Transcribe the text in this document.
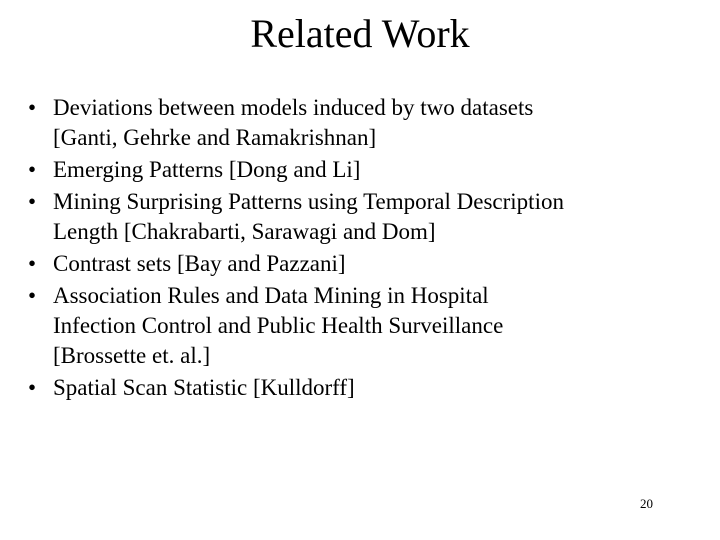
Related Work
• Deviations between models induced by two datasets
[Ganti, Gehrke and Ramakrishnan]
• Emerging Patterns [Dong and Li]
• Mining Surprising Patterns using Temporal Description
Length [Chakrabarti, Sarawagi and Dom]
• Contrast sets [Bay and Pazzani]
• Association Rules and Data Mining in Hospital
Infection Control and Public Health Surveillance
[Brossette et. al.]
• Spatial Scan Statistic [Kulldorff]
20
